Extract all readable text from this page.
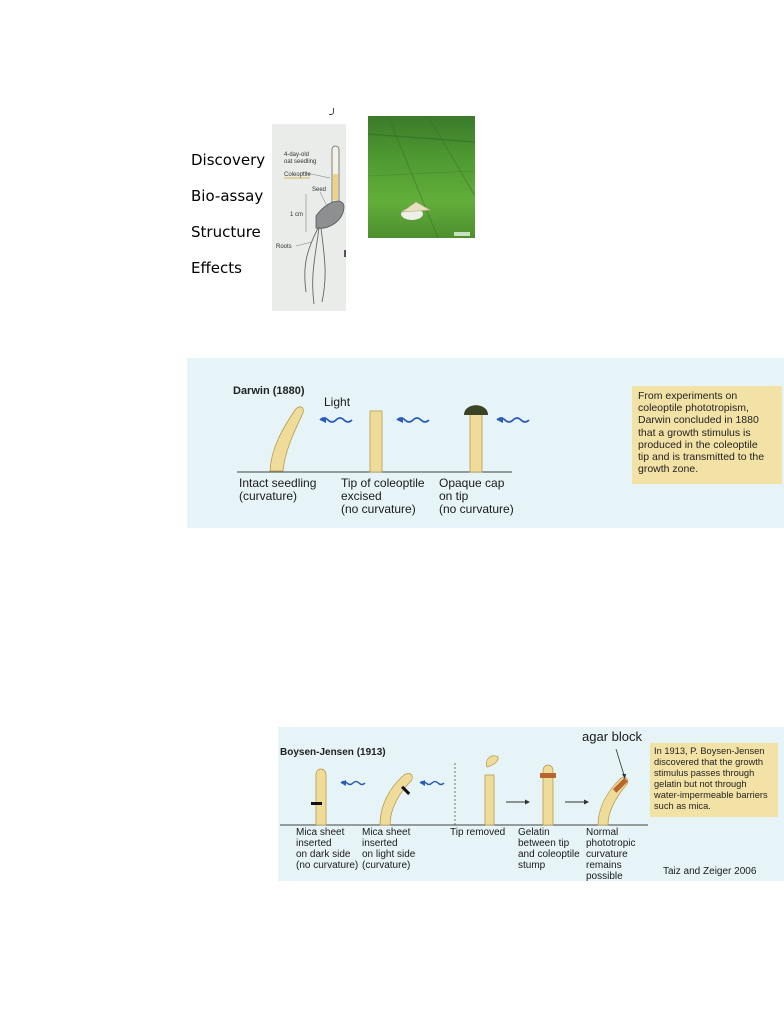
Discovery
Bio-assay
Structure
Effects
4-day-old
oat seedling
Coleoptile
Seed
1 cm
Roots
Darwin (1880)
Light
Intact seedling
(curvature)
Tip of coleoptile
excised
(no curvature)
Opaque cap
on tip
(no curvature)
From experiments on
coleoptile phototropism,
Darwin concluded in 1880
that a growth stimulus is
produced in the coleoptile
tip and is transmitted to the
growth zone.
Boysen-Jensen (1913)
agar block
Mica sheet
inserted
on dark side
(no curvature)
Mica sheet
inserted
on light side
(curvature)
Tip removed Gelatin
between tip
and coleoptile
stump
Normal
phototropic
curvature
remains
possible
In 1913, P. Boysen-Jensen
discovered that the growth
stimulus passes through
gelatin but not through
water-impermeable barriers
such as mica.
Taiz and Zeiger 2006
